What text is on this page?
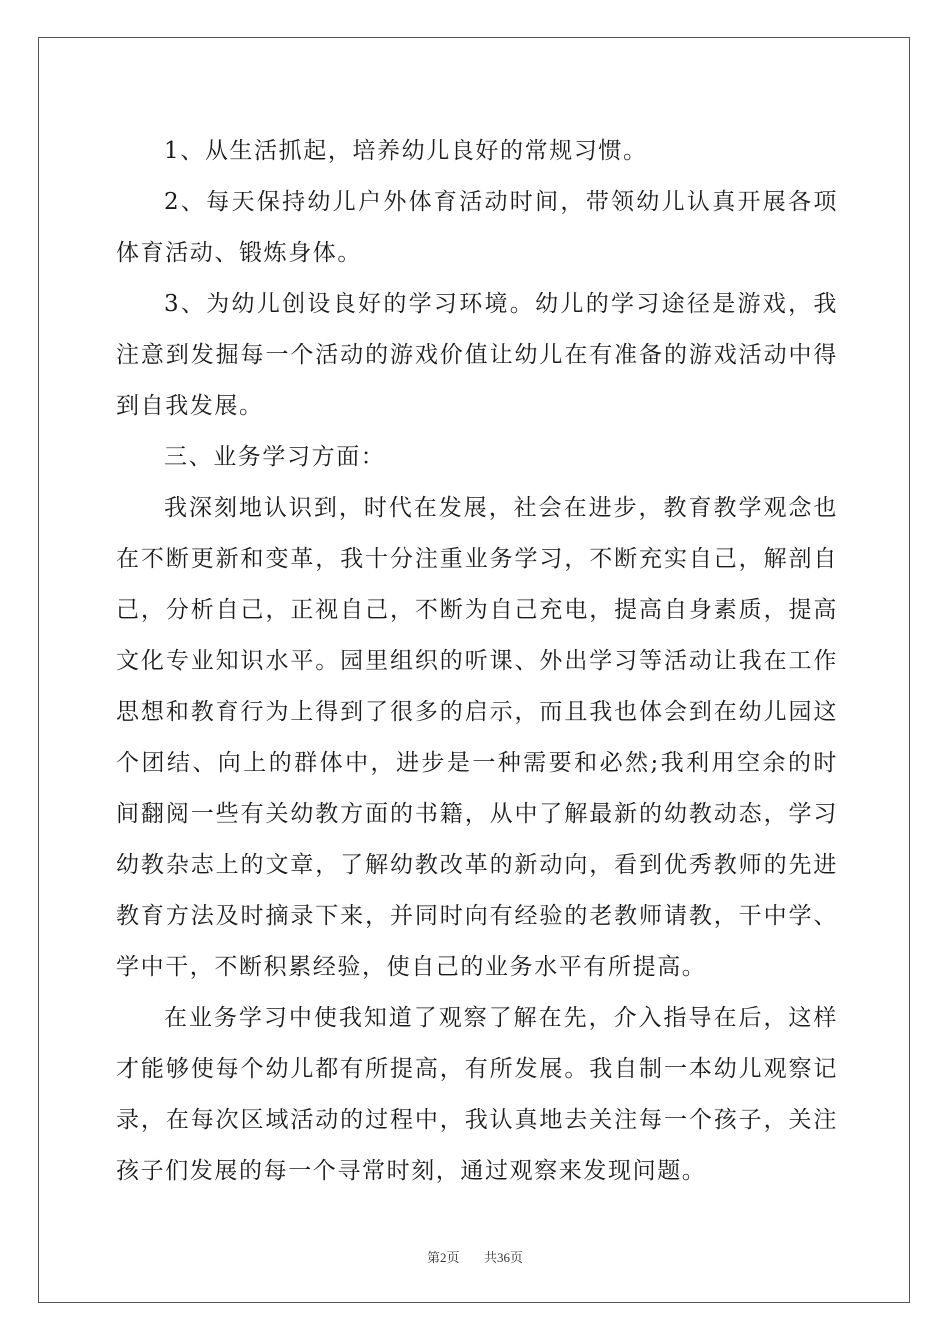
1、从生活抓起，培养幼儿良好的常规习惯。

2、每天保持幼儿户外体育活动时间，带领幼儿认真开展各项体育活动、锻炼身体。

3、为幼儿创设良好的学习环境。幼儿的学习途径是游戏，我注意到发掘每一个活动的游戏价值让幼儿在有准备的游戏活动中得到自我发展。

三、业务学习方面：

我深刻地认识到，时代在发展，社会在进步，教育教学观念也在不断更新和变革，我十分注重业务学习，不断充实自己，解剖自己，分析自己，正视自己，不断为自己充电，提高自身素质，提高文化专业知识水平。园里组织的听课、外出学习等活动让我在工作思想和教育行为上得到了很多的启示，而且我也体会到在幼儿园这个团结、向上的群体中，进步是一种需要和必然;我利用空余的时间翻阅一些有关幼教方面的书籍，从中了解最新的幼教动态，学习幼教杂志上的文章，了解幼教改革的新动向，看到优秀教师的先进教育方法及时摘录下来，并同时向有经验的老教师请教，干中学、学中干，不断积累经验，使自己的业务水平有所提高。

在业务学习中使我知道了观察了解在先，介入指导在后，这样才能够使每个幼儿都有所提高，有所发展。我自制一本幼儿观察记录，在每次区域活动的过程中，我认真地去关注每一个孩子，关注孩子们发展的每一个寻常时刻，通过观察来发现问题。

第2页 共36页
